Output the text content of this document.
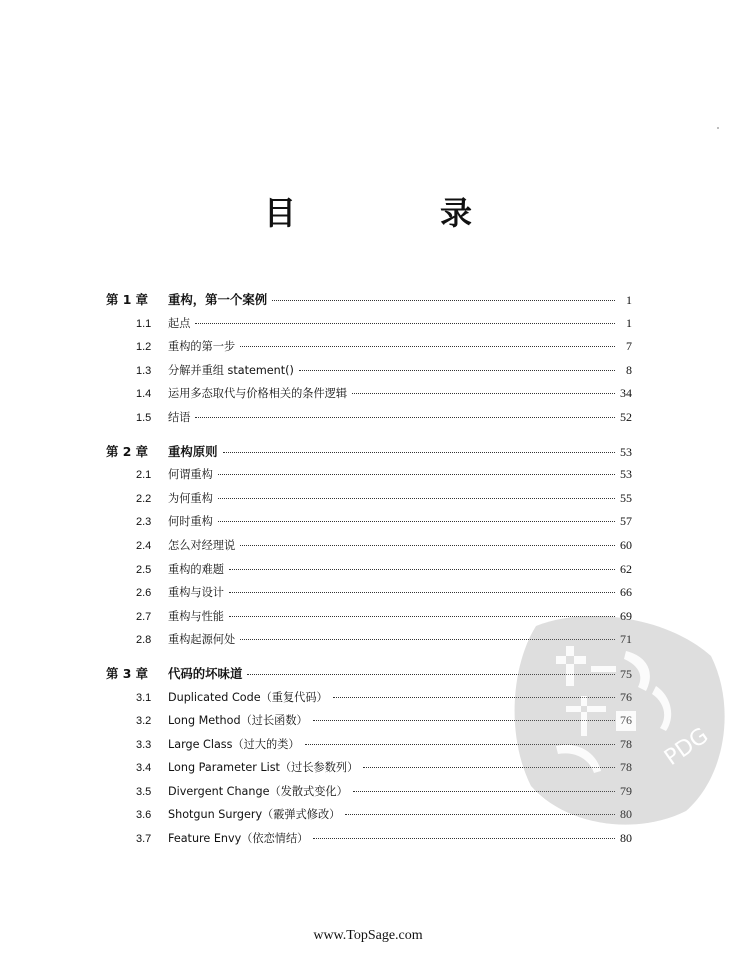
目　录
第 1 章	重构，第一个案例	1
1.1	起点	1
1.2	重构的第一步	7
1.3	分解并重组 statement()	8
1.4	运用多态取代与价格相关的条件逻辑	34
1.5	结语	52
第 2 章	重构原则	53
2.1	何谓重构	53
2.2	为何重构	55
2.3	何时重构	57
2.4	怎么对经理说	60
2.5	重构的难题	62
2.6	重构与设计	66
2.7	重构与性能	69
2.8	重构起源何处	71
第 3 章	代码的坏味道	75
3.1	Duplicated Code（重复代码）	76
3.2	Long Method（过长函数）	76
3.3	Large Class（过大的类）	78
3.4	Long Parameter List（过长参数列）	78
3.5	Divergent Change（发散式变化）	79
3.6	Shotgun Surgery（霰弹式修改）	80
3.7	Feature Envy（依恋情结）	80
PDG
www.TopSage.com
